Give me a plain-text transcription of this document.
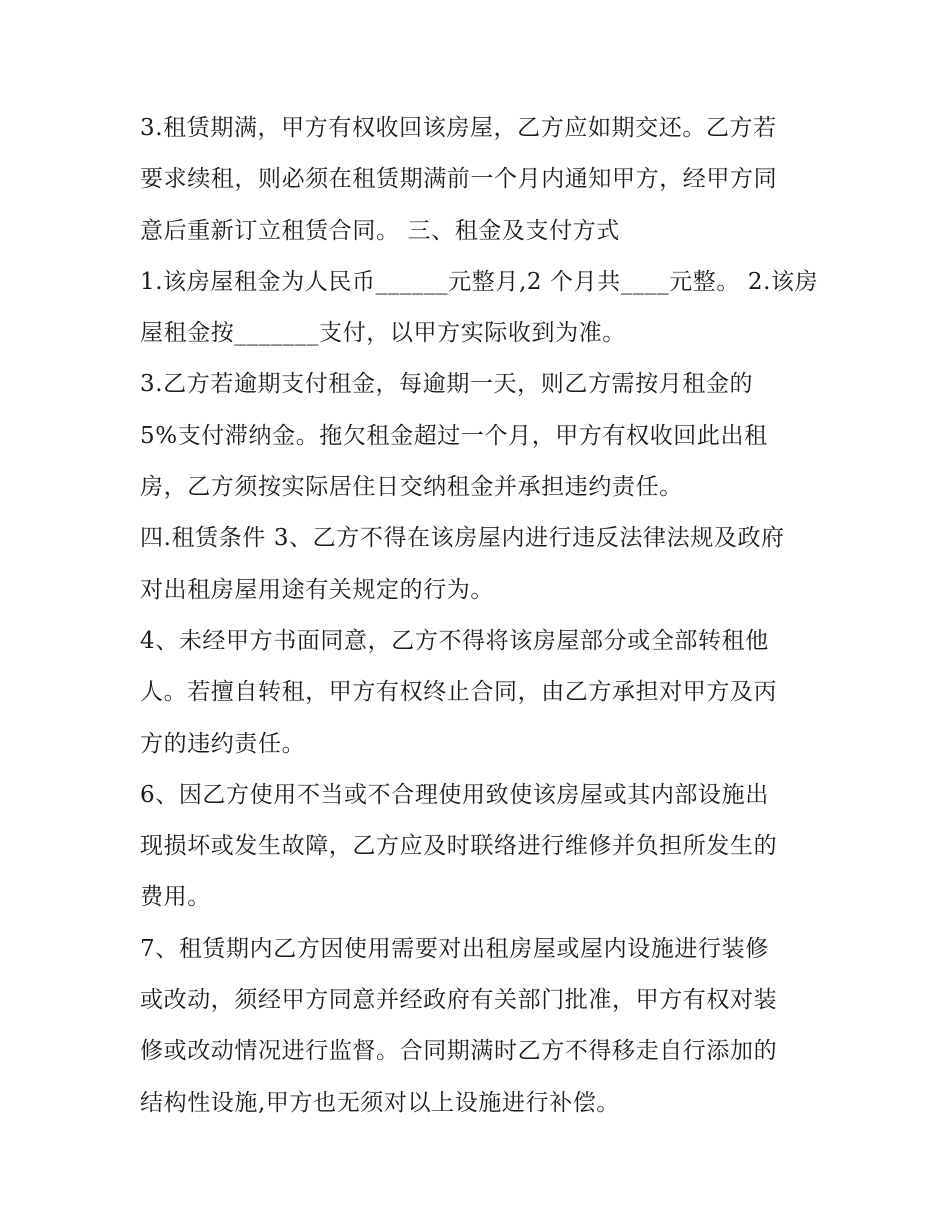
3.租赁期满，甲方有权收回该房屋，乙方应如期交还。乙方若
要求续租，则必须在租赁期满前一个月内通知甲方，经甲方同
意后重新订立租赁合同。 三、租金及支付方式
1.该房屋租金为人民币______元整月,2 个月共____元整。 2.该房
屋租金按_______支付，以甲方实际收到为准。
3.乙方若逾期支付租金，每逾期一天，则乙方需按月租金的
5%支付滞纳金。拖欠租金超过一个月，甲方有权收回此出租
房，乙方须按实际居住日交纳租金并承担违约责任。
四.租赁条件 3、乙方不得在该房屋内进行违反法律法规及政府
对出租房屋用途有关规定的行为。
4、未经甲方书面同意，乙方不得将该房屋部分或全部转租他
人。若擅自转租，甲方有权终止合同，由乙方承担对甲方及丙
方的违约责任。
6、因乙方使用不当或不合理使用致使该房屋或其内部设施出
现损坏或发生故障，乙方应及时联络进行维修并负担所发生的
费用。
7、租赁期内乙方因使用需要对出租房屋或屋内设施进行装修
或改动，须经甲方同意并经政府有关部门批准，甲方有权对装
修或改动情况进行监督。合同期满时乙方不得移走自行添加的
结构性设施,甲方也无须对以上设施进行补偿。
